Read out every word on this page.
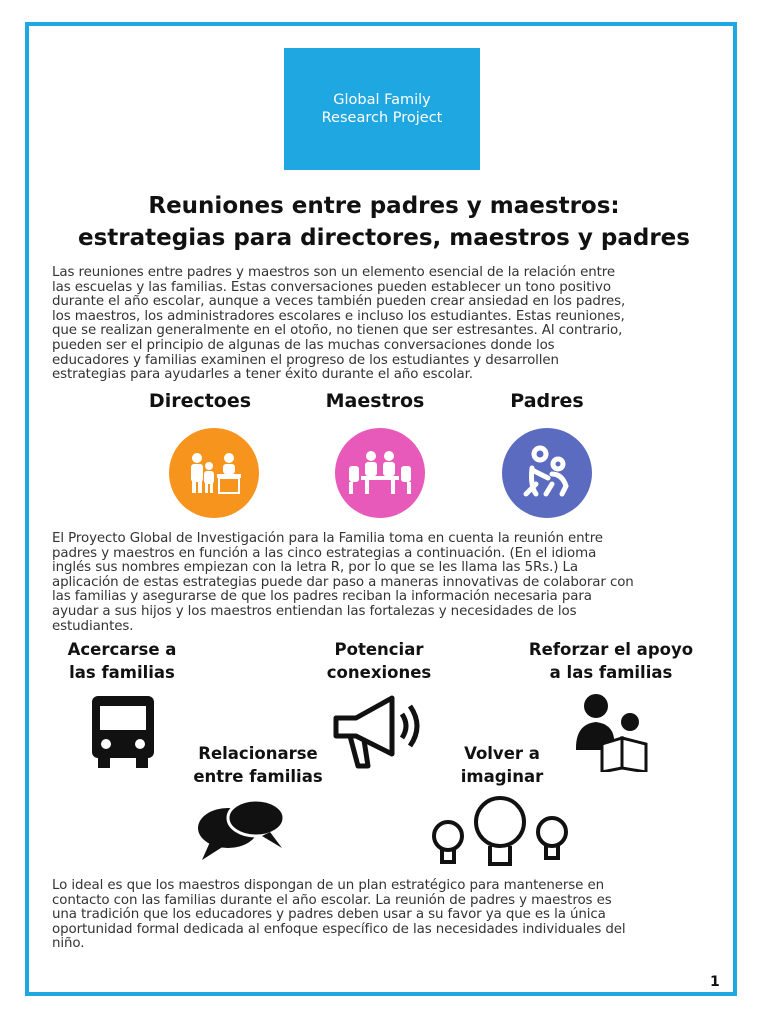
Global Family
Research Project
Reuniones entre padres y maestros:
estrategias para directores, maestros y padres

Las reuniones entre padres y maestros son un elemento esencial de la relación entre
las escuelas y las familias. Estas conversaciones pueden establecer un tono positivo
durante el año escolar, aunque a veces también pueden crear ansiedad en los padres,
los maestros, los administradores escolares e incluso los estudiantes. Estas reuniones,
que se realizan generalmente en el otoño, no tienen que ser estresantes. Al contrario,
pueden ser el principio de algunas de las muchas conversaciones donde los
educadores y familias examinen el progreso de los estudiantes y desarrollen
estrategias para ayudarles a tener éxito durante el año escolar.

Directoes	Maestros	Padres

El Proyecto Global de Investigación para la Familia toma en cuenta la reunión entre
padres y maestros en función a las cinco estrategias a continuación. (En el idioma
inglés sus nombres empiezan con la letra R, por lo que se les llama las 5Rs.) La
aplicación de estas estrategias puede dar paso a maneras innovativas de colaborar con
las familias y asegurarse de que los padres reciban la información necesaria para
ayudar a sus hijos y los maestros entiendan las fortalezas y necesidades de los
estudiantes.

Acercarse a
las familias
Potenciar
conexiones
Reforzar el apoyo
a las familias
Relacionarse
entre familias
Volver a
imaginar

Lo ideal es que los maestros dispongan de un plan estratégico para mantenerse en
contacto con las familias durante el año escolar. La reunión de padres y maestros es
una tradición que los educadores y padres deben usar a su favor ya que es la única
oportunidad formal dedicada al enfoque específico de las necesidades individuales del
niño.

1
